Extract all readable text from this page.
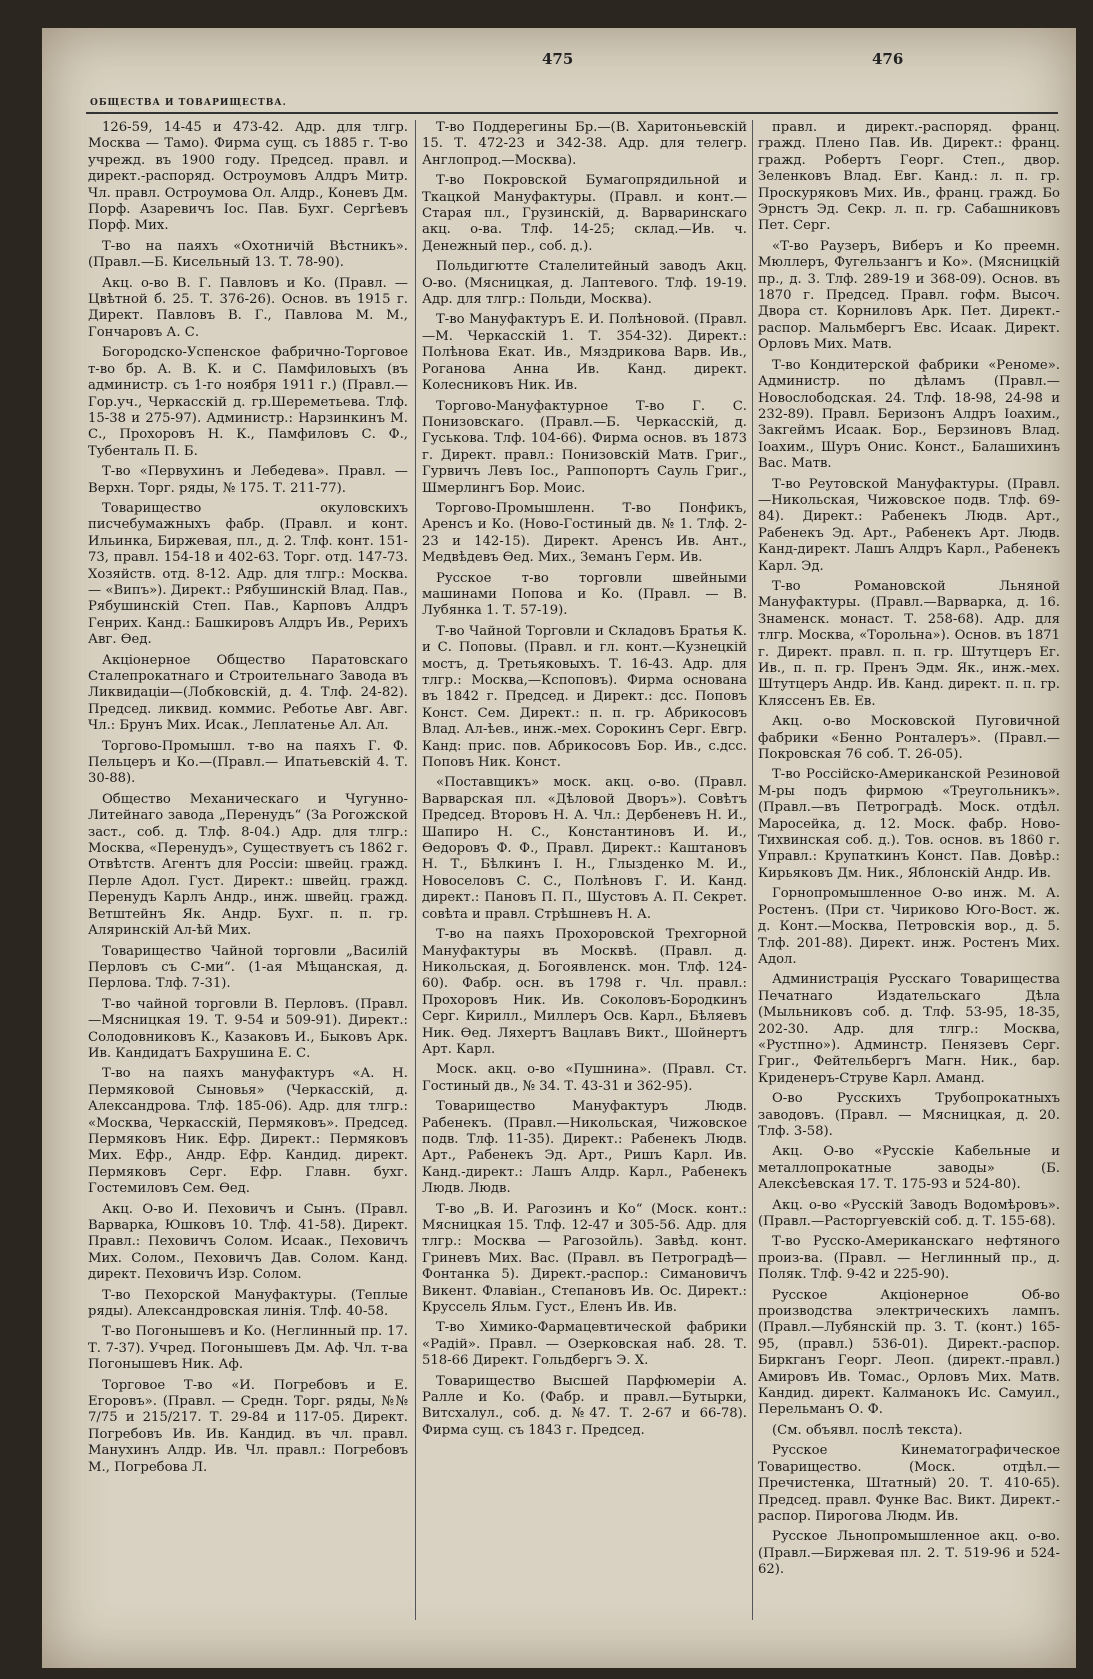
475	476
ОБЩЕСТВА И ТОВАРИЩЕСТВА.

126-59, 14-45 и 473-42. Адр. для тлгр. Москва — Тамо). Фирма сущ. съ 1885 г. Т-во учрежд. въ 1900 году. Председ. правл. и директ.-распоряд. Остроумовъ Алдръ Митр. Чл. правл. Остроумова Ол. Алдр., Коневъ Дм. Порф. Азаревичъ Іос. Пав. Бухг. Сергѣевъ Порф. Мих.

Т-во на паяхъ «Охотничій Вѣстникъ». (Правл.—Б. Кисельный 13. Т. 78-90).

Акц. о-во В. Г. Павловъ и Ко. (Правл. —Цвѣтной б. 25. Т. 376-26). Основ. въ 1915 г. Директ. Павловъ В. Г., Павлова М. М., Гончаровъ А. С.

Богородско-Успенское фабрично-Торговое т-во бр. А. В. К. и С. Памфиловыхъ (въ администр. съ 1-го ноября 1911 г.) (Правл.—Гор.уч., Черкасскій д. гр.Шереметьева. Тлф. 15-38 и 275-97). Администр.: Нарзинкинъ М. С., Прохоровъ Н. К., Памфиловъ С. Ф., Тубенталь П. Б.

Т-во «Первухинъ и Лебедева». Правл. —Верхн. Торг. ряды, № 175. Т. 211-77).

Товарищество окуловскихъ писчебумажныхъ фабр. (Правл. и конт. Ильинка, Биржевая, пл., д. 2. Тлф. конт. 151-73, правл. 154-18 и 402-63. Торг. отд. 147-73. Хозяйств. отд. 8-12. Адр. для тлгр.: Москва. — «Випъ»). Директ.: Рябушинскій Влад. Пав., Рябушинскій Степ. Пав., Карповъ Алдръ Генрих. Канд.: Башкировъ Алдръ Ив., Рерихъ Авг. Ѳед.

Акціонерное Общество Паратовскаго Сталепрокатнаго и Строительнаго Завода въ Ликвидаціи—(Лобковскій, д. 4. Тлф. 24-82). Председ. ликвид. коммис. Реботье Авг. Авг. Чл.: Брунъ Мих. Исак., Леплатенье Ал. Ал.

Торгово-Промышл. т-во на паяхъ Г. Ф. Пельцеръ и Ко.—(Правл.— Ипатьевскій 4. Т. 30-88).

Общество Механическаго и Чугунно-Литейнаго завода „Перенудъ“ (За Рогожской заст., соб. д. Тлф. 8-04.) Адр. для тлгр.: Москва, «Перенудъ», Существуетъ съ 1862 г. Отвѣтств. Агентъ для Россіи: швейц. гражд. Перле Адол. Густ. Директ.: швейц. гражд. Перенудъ Карлъ Андр., инж. швейц. гражд. Ветштейнъ Як. Андр. Бухг. п. п. гр. Аляринскій Ал-ѣй Мих.

Товарищество Чайной торговли „Василій Перловъ съ С-ми“. (1-ая Мѣщанская, д. Перлова. Тлф. 7-31).

Т-во чайной торговли В. Перловъ. (Правл.—Мясницкая 19. Т. 9-54 и 509-91). Директ.: Солодовниковъ К., Казаковъ И., Быковъ Арк. Ив. Кандидатъ Бахрушина Е. С.

Т-во на паяхъ мануфактуръ «А. Н. Пермяковой Сыновья» (Черкасскій, д. Александрова. Тлф. 185-06). Адр. для тлгр.: «Москва, Черкасскій, Пермяковъ». Председ. Пермяковъ Ник. Ефр. Директ.: Пермяковъ Мих. Ефр., Андр. Ефр. Кандид. директ. Пермяковъ Серг. Ефр. Главн. бухг. Гостемиловъ Сем. Ѳед.

Акц. О-во И. Пеховичъ и Сынъ. (Правл. Варварка, Юшковъ 10. Тлф. 41-58). Директ. Правл.: Пеховичъ Солом. Исаак., Пеховичъ Мих. Солом., Пеховичъ Дав. Солом. Канд. директ. Пеховичъ Изр. Солом.

Т-во Пехорской Мануфактуры. (Теплые ряды). Александровская линія. Тлф. 40-58.

Т-во Погонышевъ и Ко. (Неглинный пр. 17. Т. 7-37). Учред. Погонышевъ Дм. Аф. Чл. т-ва Погонышевъ Ник. Аф.

Торговое Т-во «И. Погребовъ и Е. Егоровъ». (Правл. — Средн. Торг. ряды, №№ 7/75 и 215/217. Т. 29-84 и 117-05. Директ. Погребовъ Ив. Ив. Кандид. въ чл. правл. Манухинъ Алдр. Ив. Чл. правл.: Погребовъ М., Погребова Л.

Т-во Поддерегины Бр.—(В. Харитоньевскій 15. Т. 472-23 и 342-38. Адр. для телегр. Англопрод.—Москва).

Т-во Покровской Бумагопрядильной и Ткацкой Мануфактуры. (Правл. и конт.—Старая пл., Грузинскій, д. Варваринскаго акц. о-ва. Тлф. 14-25; склад.—Ив. ч. Денежный пер., соб. д.).

Польдигютте Сталелитейный заводъ Акц. О-во. (Мясницкая, д. Лаптевого. Тлф. 19-19. Адр. для тлгр.: Польди, Москва).

Т-во Мануфактуръ Е. И. Полѣновой. (Правл.—М. Черкасскій 1. Т. 354-32). Директ.: Полѣнова Екат. Ив., Мяздрикова Варв. Ив., Роганова Анна Ив. Канд. директ. Колесниковъ Ник. Ив.

Торгово-Мануфактурное Т-во Г. С. Понизовскаго. (Правл.—Б. Черкасскій, д. Гуськова. Тлф. 104-66). Фирма основ. въ 1873 г. Директ. правл.: Понизовскій Матв. Григ., Гурвичъ Левъ Іос., Раппопортъ Сауль Григ., Шмерлингъ Бор. Моис.

Торгово-Промышленн. Т-во Понфикъ, Аренсъ и Ко. (Ново-Гостиный дв. № 1. Тлф. 2-23 и 142-15). Директ. Аренсъ Ив. Ант., Медвѣдевъ Ѳед. Мих., Земанъ Герм. Ив.

Русское т-во торговли швейными машинами Попова и Ко. (Правл. — В. Лубянка 1. Т. 57-19).

Т-во Чайной Торговли и Складовъ Братья К. и С. Поповы. (Правл. и гл. конт.—Кузнецкій мостъ, д. Третьяковыхъ. Т. 16-43. Адр. для тлгр.: Москва,—Кспоповъ). Фирма основана въ 1842 г. Председ. и Директ.: дсс. Поповъ Конст. Сем. Директ.: п. п. гр. Абрикосовъ Влад. Ал-ѣев., инж.-мех. Сорокинъ Серг. Евгр. Канд: прис. пов. Абрикосовъ Бор. Ив., с.дсс. Поповъ Ник. Конст.

«Поставщикъ» моск. акц. о-во. (Правл. Варварская пл. «Дѣловой Дворъ»). Совѣтъ Председ. Второвъ Н. А. Чл.: Дербеневъ Н. И., Шапиро Н. С., Константиновъ И. И., Ѳедоровъ Ф. Ф., Правл. Директ.: Каштановъ Н. Т., Бѣлкинъ І. Н., Глызденко М. И., Новоселовъ С. С., Полѣновъ Г. И. Канд. директ.: Пановъ П. П., Шустовъ А. П. Секрет. совѣта и правл. Стрѣшневъ Н. А.

Т-во на паяхъ Прохоровской Трехгорной Мануфактуры въ Москвѣ. (Правл. д. Никольская, д. Богоявленск. мон. Тлф. 124-60). Фабр. осн. въ 1798 г. Чл. правл.: Прохоровъ Ник. Ив. Соколовъ-Бородкинъ Серг. Кирилл., Миллеръ Осв. Карл., Бѣляевъ Ник. Ѳед. Ляхертъ Вацлавъ Викт., Шойнертъ Арт. Карл.

Моск. акц. о-во «Пушнина». (Правл. Ст. Гостиный дв., № 34. Т. 43-31 и 362-95).

Товарищество Мануфактуръ Людв. Рабенекъ. (Правл.—Никольская, Чижовское подв. Тлф. 11-35). Директ.: Рабенекъ Людв. Арт., Рабенекъ Эд. Арт., Ришъ Карл. Ив. Канд.-директ.: Лашъ Алдр. Карл., Рабенекъ Людв. Людв.

Т-во „В. И. Рагозинъ и Ко“ (Моск. конт.: Мясницкая 15. Тлф. 12-47 и 305-56. Адр. для тлгр.: Москва — Рагозойль). Завѣд. конт. Гриневъ Мих. Вас. (Правл. въ Петроградѣ—Фонтанка 5). Директ.-распор.: Симановичъ Викент. Флавіан., Степановъ Ив. Ос. Директ.: Круссель Яльм. Густ., Еленъ Ив. Ив.

Т-во Химико-Фармацевтической фабрики «Радій». Правл. — Озерковская наб. 28. Т. 518-66 Директ. Гольдбергъ Э. Х.

Товарищество Высшей Парфюмеріи А. Ралле и Ко. (Фабр. и правл.—Бутырки, Витсхалул., соб. д. №47. Т. 2-67 и 66-78). Фирма сущ. съ 1843 г. Председ.

правл. и директ.-распоряд. франц. гражд. Плено Пав. Ив. Директ.: франц. гражд. Робертъ Георг. Степ., двор. Зеленковъ Влад. Евг. Канд.: л. п. гр. Проскуряковъ Мих. Ив., франц. гражд. Бо Эрнстъ Эд. Секр. л. п. гр. Сабашниковъ Пет. Серг.

«Т-во Раузеръ, Виберъ и Ко преемн. Мюллеръ, Фугельзангъ и Ко». (Мясницкій пр., д. 3. Тлф. 289-19 и 368-09). Основ. въ 1870 г. Председ. Правл. гофм. Высоч. Двора ст. Корниловъ Арк. Пет. Директ.-распор. Мальмбергъ Евс. Исаак. Директ. Орловъ Мих. Матв.

Т-во Кондитерской фабрики «Реноме». Администр. по дѣламъ (Правл.—Новослободская. 24. Тлф. 18-98, 24-98 и 232-89). Правл. Беризонъ Алдръ Іоахим., Закгеймъ Исаак. Бор., Берзиновъ Влад. Іоахим., Шуръ Онис. Конст., Балашихинъ Вас. Матв.

Т-во Реутовской Мануфактуры. (Правл. —Никольская, Чижовское подв. Тлф. 69-84). Директ.: Рабенекъ Людв. Арт., Рабенекъ Эд. Арт., Рабенекъ Арт. Людв. Канд-директ. Лашъ Алдръ Карл., Рабенекъ Карл. Эд.

Т-во Романовской Льняной Мануфактуры. (Правл.—Варварка, д. 16. Знаменск. монаст. Т. 258-68). Адр. для тлгр. Москва, «Торольна»). Основ. въ 1871 г. Директ. правл. п. п. гр. Штутцеръ Ег. Ив., п. п. гр. Пренъ Эдм. Як., инж.-мех. Штутцеръ Андр. Ив. Канд. директ. п. п. гр. Кляссенъ Ев. Ев.

Акц. о-во Московской Пуговичной фабрики «Бенно Ронталеръ». (Правл.—Покровская 76 соб. Т. 26-05).

Т-во Россійско-Американской Резиновой М-ры подъ фирмою «Треугольникъ». (Правл.—въ Петроградѣ. Моск. отдѣл. Маросейка, д. 12. Моск. фабр. Ново-Тихвинская соб. д.). Тов. основ. въ 1860 г. Управл.: Крупаткинъ Конст. Пав. Довѣр.: Кирьяковъ Дм. Ник., Яблонскій Андр. Ив.

Горнопромышленное О-во инж. М. А. Ростенъ. (При ст. Чириково Юго-Вост. ж. д. Конт.—Москва, Петровскія вор., д. 5. Тлф. 201-88). Директ. инж. Ростенъ Мих. Адол.

Администрація Русскаго Товарищества Печатнаго Издательскаго Дѣла (Мыльниковъ соб. д. Тлф. 53-95, 18-35, 202-30. Адр. для тлгр.: Москва, «Рустпно»). Админстр. Пенязевъ Серг. Григ., Фейтельбергъ Магн. Ник., бар. Криденеръ-Струве Карл. Аманд.

О-во Русскихъ Трубопрокатныхъ заводовъ. (Правл. — Мясницкая, д. 20. Тлф. 3-58).

Акц. О-во «Русскіе Кабельные и металлопрокатные заводы» (Б. Алексѣевская 17. Т. 175-93 и 524-80).

Акц. о-во «Русскій Заводъ Водомѣровъ». (Правл.—Расторгуевскій соб. д. Т. 155-68).

Т-во Русско-Американскаго нефтяного произ-ва. (Правл. — Неглинный пр., д. Поляк. Тлф. 9-42 и 225-90).

Русское Акціонерное Об-во производства электрическихъ лампъ. (Правл.—Лубянскій пр. 3. Т. (конт.) 165-95, (правл.) 536-01). Директ.-распор. Биркганъ Георг. Леоп. (директ.-правл.) Амировъ Ив. Томас., Орловъ Мих. Матв. Кандид. директ. Калманокъ Ис. Самуил., Перельманъ О. Ф.

(См. объявл. послѣ текста).

Русское Кинематографическое Товарищество. (Моск. отдѣл.—Пречистенка, Штатный) 20. Т. 410-65). Председ. правл. Функе Вас. Викт. Директ.-распор. Пирогова Людм. Ив.

Русское Льнопромышленное акц. о-во. (Правл.—Биржевая пл. 2. Т. 519-96 и 524-62).
